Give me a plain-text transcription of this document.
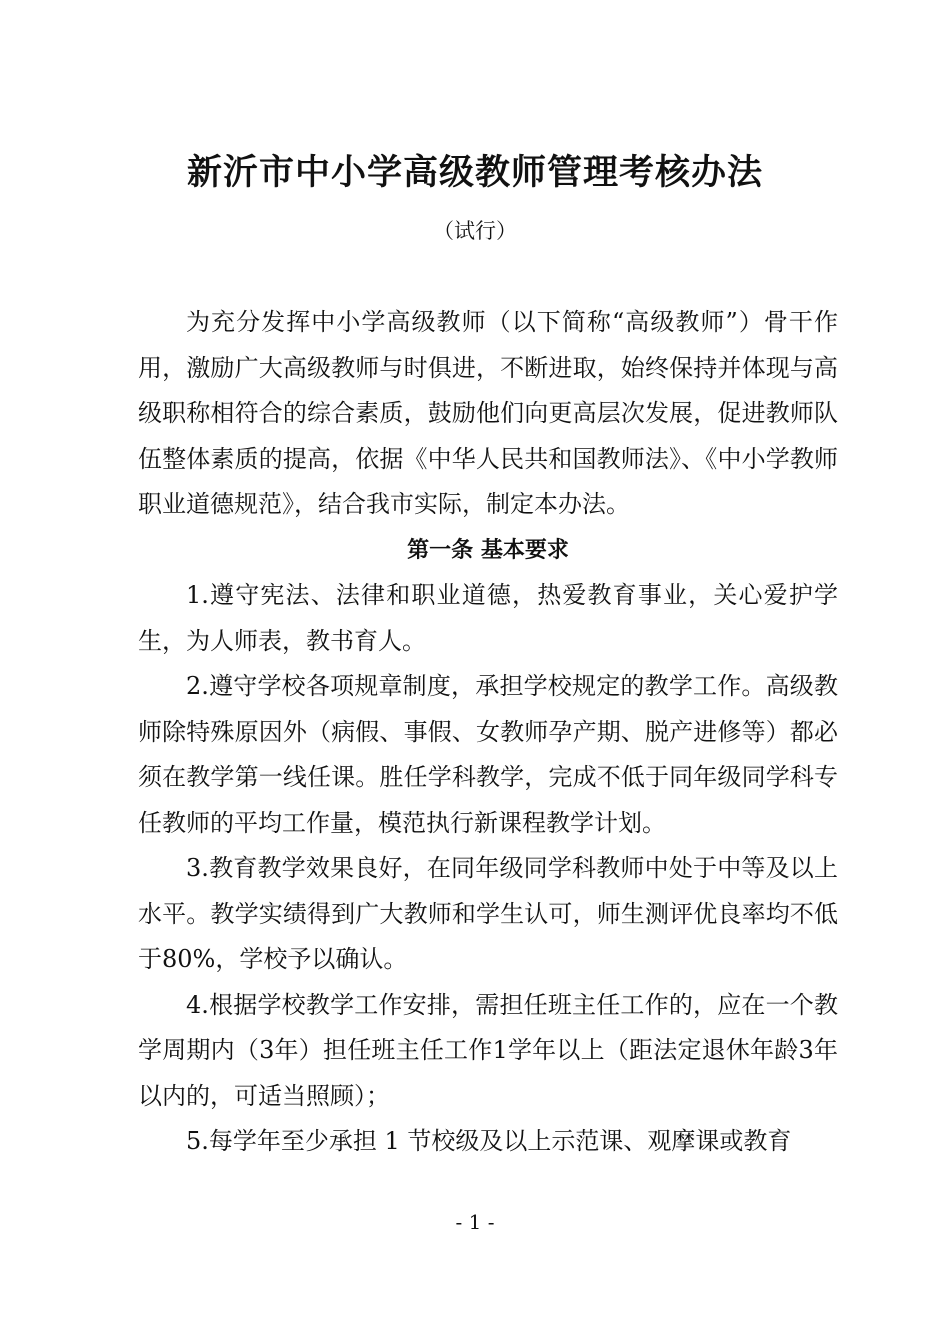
新沂市中小学高级教师管理考核办法
（试行）

为充分发挥中小学高级教师（以下简称“高级教师”）骨干作用，激励广大高级教师与时俱进，不断进取，始终保持并体现与高级职称相符合的综合素质，鼓励他们向更高层次发展，促进教师队伍整体素质的提高，依据《中华人民共和国教师法》、《中小学教师职业道德规范》，结合我市实际，制定本办法。

第一条 基本要求

1.遵守宪法、法律和职业道德，热爱教育事业，关心爱护学生，为人师表，教书育人。

2.遵守学校各项规章制度，承担学校规定的教学工作。高级教师除特殊原因外（病假、事假、女教师孕产期、脱产进修等）都必须在教学第一线任课。胜任学科教学，完成不低于同年级同学科专任教师的平均工作量，模范执行新课程教学计划。

3.教育教学效果良好，在同年级同学科教师中处于中等及以上水平。教学实绩得到广大教师和学生认可，师生测评优良率均不低于80%，学校予以确认。

4.根据学校教学工作安排，需担任班主任工作的，应在一个教学周期内（3年）担任班主任工作1学年以上（距法定退休年龄3年以内的，可适当照顾）；

5.每学年至少承担 1 节校级及以上示范课、观摩课或教育

- 1 -
